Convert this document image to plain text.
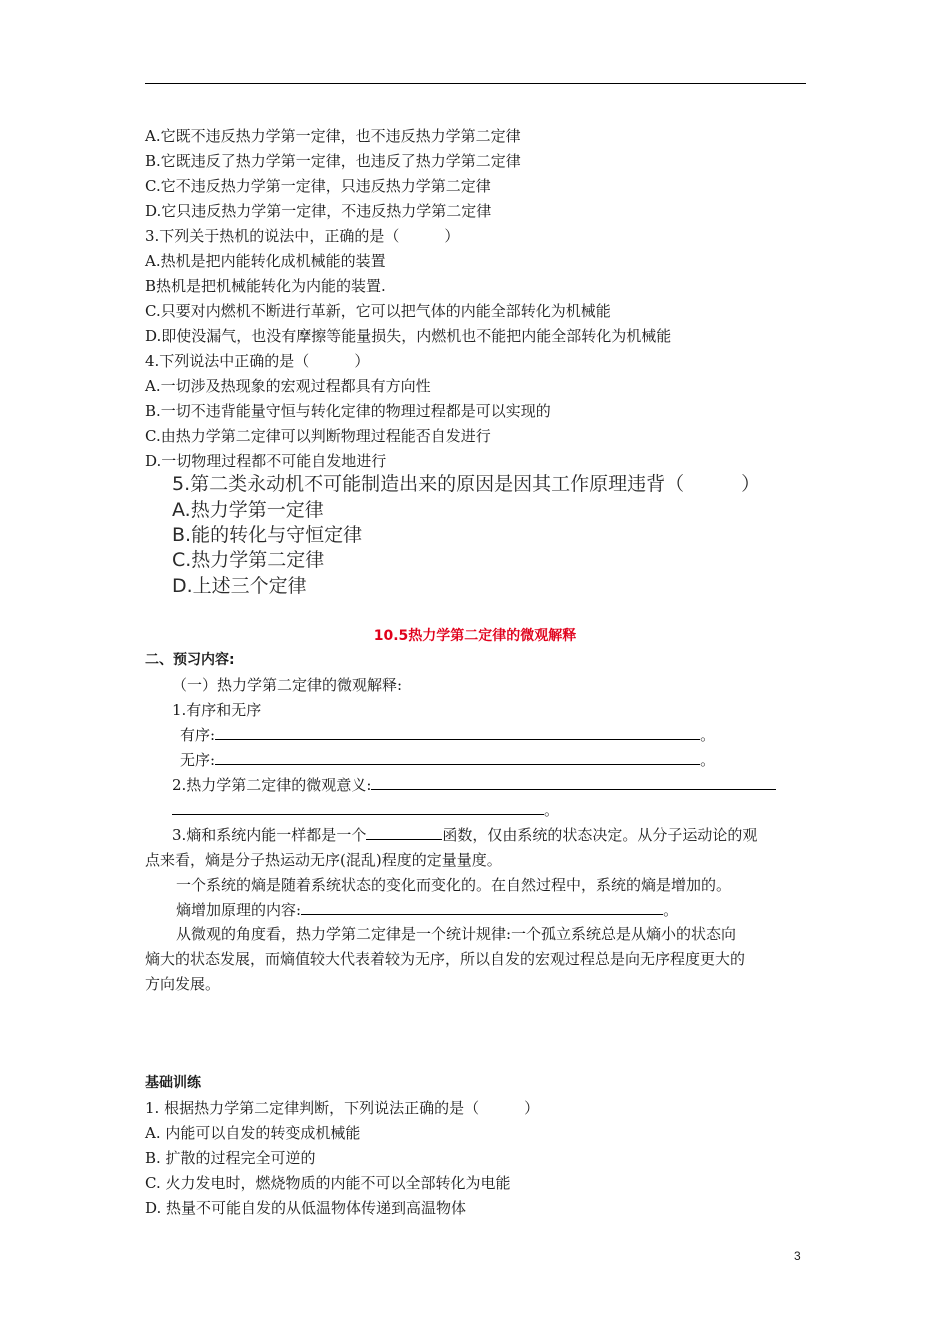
A.它既不违反热力学第一定律，也不违反热力学第二定律
B.它既违反了热力学第一定律，也违反了热力学第二定律
C.它不违反热力学第一定律，只违反热力学第二定律
D.它只违反热力学第一定律，不违反热力学第二定律
3.下列关于热机的说法中，正确的是（　　　）
A.热机是把内能转化成机械能的装置
B热机是把机械能转化为内能的装置.
C.只要对内燃机不断进行革新，它可以把气体的内能全部转化为机械能
D.即使没漏气，也没有摩擦等能量损失，内燃机也不能把内能全部转化为机械能
4.下列说法中正确的是（　　　）
A.一切涉及热现象的宏观过程都具有方向性
B.一切不违背能量守恒与转化定律的物理过程都是可以实现的
C.由热力学第二定律可以判断物理过程能否自发进行
D.一切物理过程都不可能自发地进行
5.第二类永动机不可能制造出来的原因是因其工作原理违背（　　　）
A.热力学第一定律
B.能的转化与守恒定律
C.热力学第二定律
D.上述三个定律
10.5热力学第二定律的微观解释
二、预习内容:
（一）热力学第二定律的微观解释:
1.有序和无序
有序:	。
无序:	。
2.热力学第二定律的微观意义:
。
3.熵和系统内能一样都是一个	函数，仅由系统的状态决定。从分子运动论的观
点来看，熵是分子热运动无序(混乱)程度的定量量度。
一个系统的熵是随着系统状态的变化而变化的。在自然过程中，系统的熵是增加的。
熵增加原理的内容:	。
从微观的角度看，热力学第二定律是一个统计规律:一个孤立系统总是从熵小的状态向
熵大的状态发展，而熵值较大代表着较为无序，所以自发的宏观过程总是向无序程度更大的
方向发展。
基础训练
1. 根据热力学第二定律判断，下列说法正确的是（　　　）
A. 内能可以自发的转变成机械能
B. 扩散的过程完全可逆的
C. 火力发电时，燃烧物质的内能不可以全部转化为电能
D. 热量不可能自发的从低温物体传递到高温物体
3
